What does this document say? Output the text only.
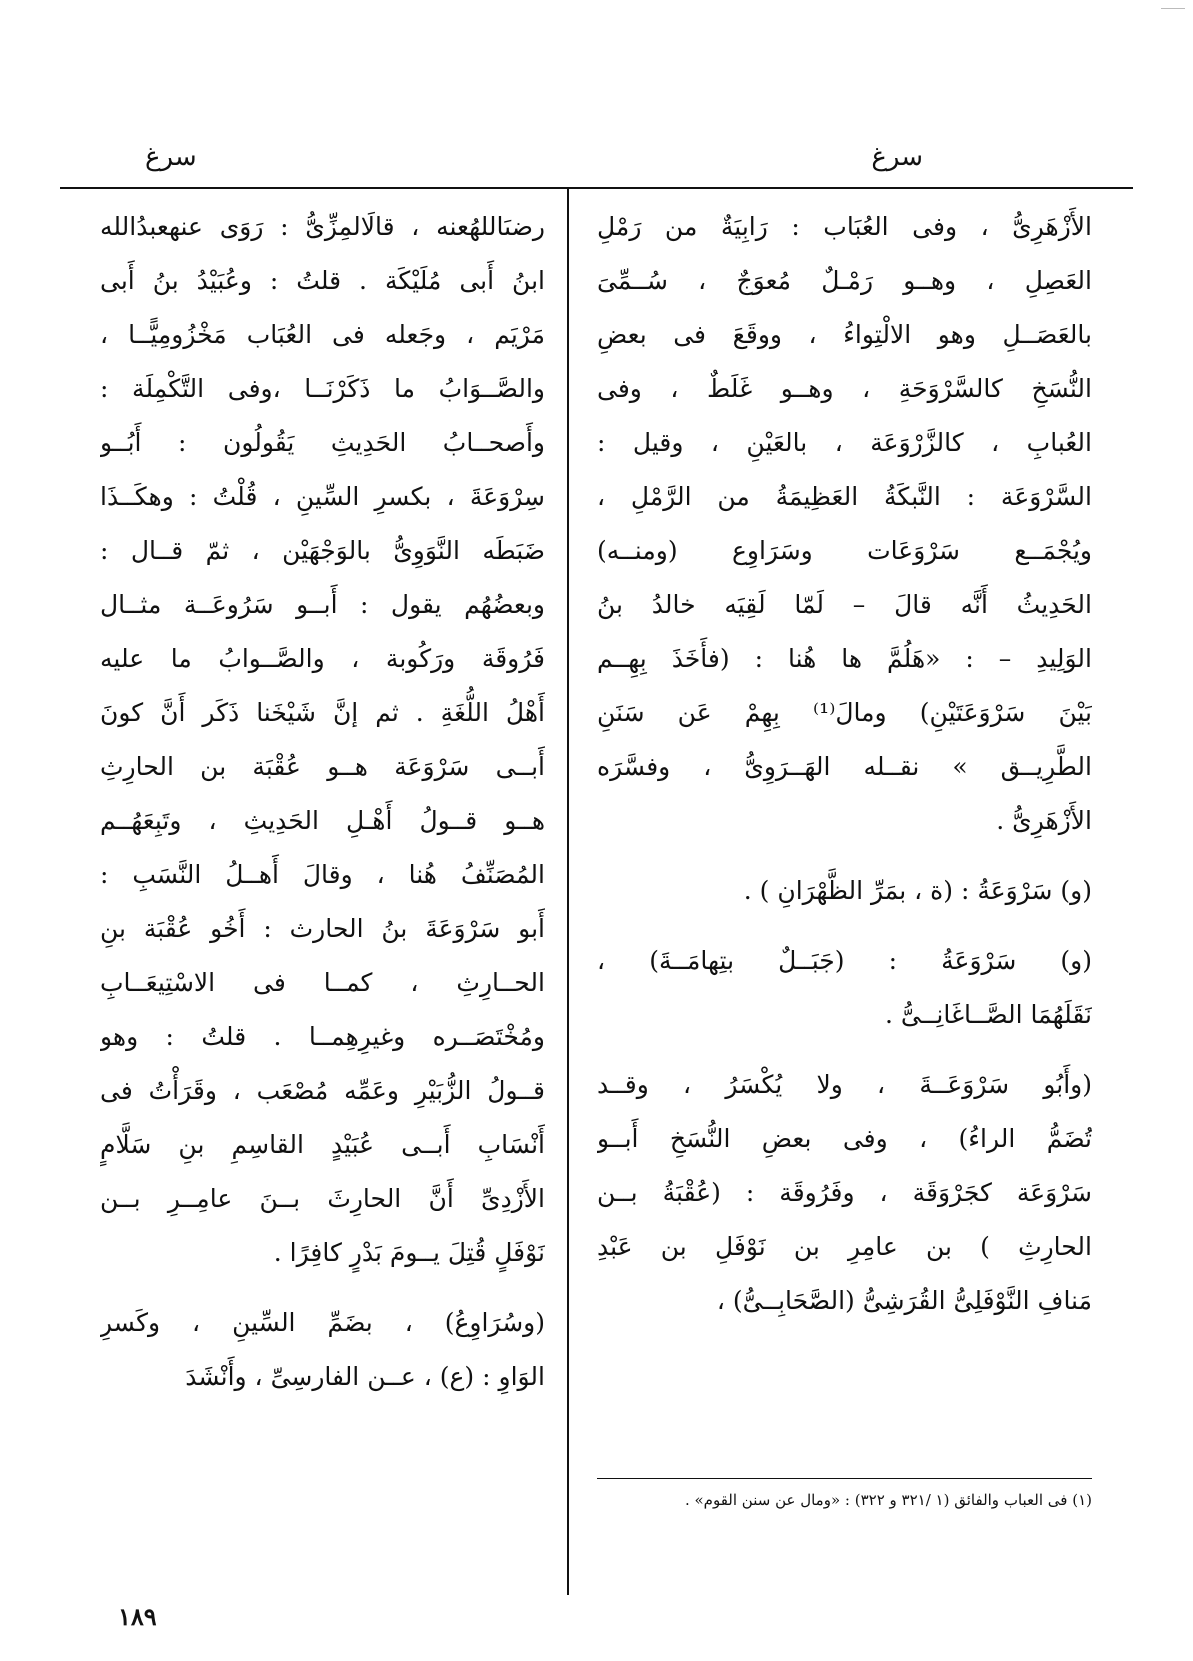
سرغ
سرغ
الأَزْهَرِىُّ ، وفى العُبَاب : رَابِيَةٌ من رَمْلِ
العَصِلِ ، وهــو رَمْـلٌ مُعوَجٌ ، سُــمِّىَ
بالعَصَــلِ وهو الالْتِواءُ ، ووقَعَ فى بعضِ
النُّسَخِ كالسَّرْوَحَةِ ، وهــو غَلَطٌ ، وفى
العُبابِ ، كالزَّرْوَعَة ، بالعَيْنِ ، وقيل :
السَّرْوَعَة : النَّبكَةُ العَظِيمَةُ من الرَّمْلِ ،
ويُجْمَــع سَرْوَعَات وسَرَاوِع (ومنــه)
الحَدِيثُ أَنَّه قالَ – لَمّا لَقِيَه خالدُ بنُ
الوَلِيدِ – : «هَلُمَّ ها هُنا : (فأَخَذَ بِهِــم
بَيْنَ سَرْوَعَتَيْنِ) ومالَ⁽¹⁾ بِهِمْ عَن سَنَنِ
الطَّرِيــق » نقــله الهَــرَوِىُّ ، وفسَّرَه
الأَزْهَرِىُّ .
(و) سَرْوَعَةُ : (ة ، بمَرِّ الظَّهْرَانِ ) .
(و) سَرْوَعَةُ : (جَبَــلٌ بتِهامَــةَ) ،
نَقَلَهُمَا الصَّــاغَانِــىُّ .
(وأَبُو سَرْوَعَــةَ ، ولا يُكْسَرُ ، وقــد
تُضَمُّ الراءُ) ، وفى بعضِ النُّسَخِ أَبــو
سَرْوَعَة كجَرْوَقَة ، وفَرُوقَة : (عُقْبَةُ بــن
الحارِثِ ) بن عامِرِ بن نَوْفَلِ بن عَبْدِ
مَنافِ النَّوْفَلِىُّ القُرَشِىُّ (الصَّحَابِــىُّ) ،
رضىَاللهُعنه ، قالَالمِزِّىُّ : رَوَى عنهعبدُالله
ابنُ أَبى مُلَيْكَة . قلتُ : وعُبَيْدُ بنُ أَبى
مَرْيَم ، وجَعله فى العُبَاب مَخْزُومِيًّــا ،
والصَّــوَابُ ما ذَكَرْنَــا ،وفى التَّكْمِلَة :
وأَصحــابُ الحَدِيثِ يَقُولُون : أَبُــو
سِرْوَعَةَ ، بكسرِ السِّينِ ، قُلْتُ : وهكَــذَا
ضَبَطَه النَّوَوِىُّ بالوَجْهَيْن ، ثمّ قــال :
وبعضُهُم يقول : أَبــو سَرُوعَــة مثــال
فَرُوقَة ورَكُوبة ، والصَّــوابُ ما عليه
أَهْلُ اللُّغَةِ . ثم إنَّ شَيْخَنا ذَكَر أَنَّ كونَ
أَبــى سَرْوَعَة هــو عُقْبَة بن الحارِثِ
هــو قــولُ أَهْـلِ الحَدِيثِ ، وتَبِعَهُــم
المُصَنِّفُ هُنا ، وقالَ أَهــلُ النَّسَبِ :
أَبو سَرْوَعَةَ بنُ الحارث : أَخُو عُقْبَة بنِ
الحــارِثِ ، كمــا فى الاسْتِيعَــابِ
ومُخْتَصَــره وغيرِهِمــا . قلتُ : وهو
قــولُ الزُّبَيْرِ وعَمِّه مُصْعَب ، وقَرَأْتُ فى
أَنْسَابِ أَبــى عُبَيْدٍ القاسِمِ بنِ سَلَّامٍ
الأَزْدِىِّ أَنَّ الحارِثَ بــنَ عامِــرِ بــن
نَوْفَلٍ قُتِلَ يــومَ بَدْرٍ كافِرًا .
(وسُرَاوِعُ) ، بضَمِّ السِّينِ ، وكَسرِ
الوَاوِ : (ع) ، عــن الفارسِىِّ ، وأَنْشَدَ
(١) فى العباب والفائق (١ /٣٢١ و ٣٢٢) : «ومال عن سنن القوم» .
١٨٩
